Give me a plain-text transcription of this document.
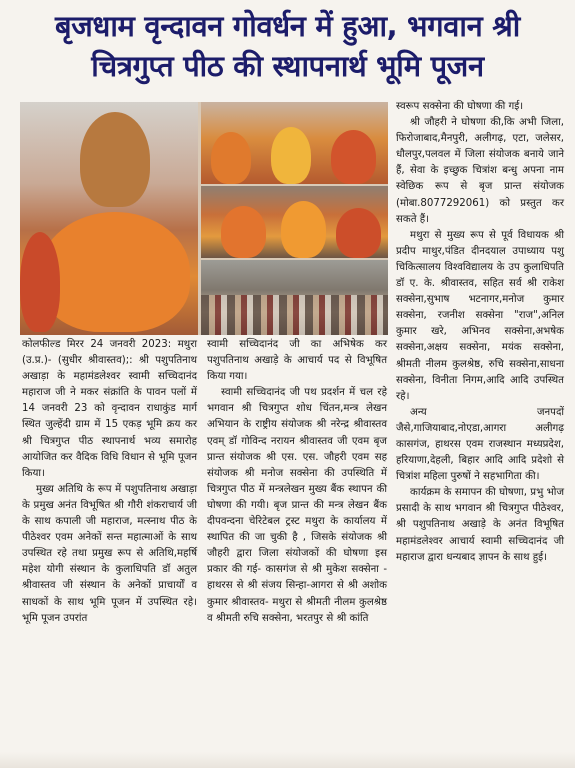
बृजधाम वृन्दावन गोवर्धन में हुआ, भगवान श्री
चित्रगुप्त पीठ की स्थापनार्थ भूमि पूजन

कोलफील्ड मिरर 24 जनवरी 2023: मथुरा (उ.प्र.)- (सुधीर श्रीवास्तव);: श्री पशुपतिनाथ अखाड़ा के महामंडलेश्वर स्वामी सच्चिदानंद महाराज जी ने मकर संक्रांति के पावन पलों में 14 जनवरी 23 को वृन्दावन राधाकुंड मार्ग स्थित जुल्हेंदी ग्राम में 15 एकड़ भूमि क्रय कर श्री चित्रगुप्त पीठ स्थापनार्थ भव्य समारोह आयोजित कर वैदिक विधि विधान से भूमि पूजन किया।

मुख्य अतिथि के रूप में पशुपतिनाथ अखाड़ा के प्रमुख अनंत विभूषित श्री गौरी शंकराचार्य जी के साथ कपाली जी महाराज, मत्स्नाथ पीठ के पीठेश्वर एवम अनेकों सन्त महात्माओं के साथ उपस्थित रहे तथा प्रमुख रूप से अतिथि,महर्षि महेश योगी संस्थान के कुलाधिपति डॉ अतुल श्रीवास्तव जी संस्थान के अनेकों प्राचार्यों व साधकों के साथ भूमि पूजन में उपस्थित रहे। भूमि पूजन उपरांत

स्वामी सच्चिदानंद जी का अभिषेक कर पशुपतिनाथ अखाड़े के आचार्य पद से विभूषित किया गया।

स्वामी सच्चिदानंद जी पथ प्रदर्शन में चल रहे भगवान श्री चित्रगुप्त शोध चिंतन,मन्त्र लेखन अभियान के राष्ट्रीय संयोजक श्री नरेन्द्र श्रीवास्तव एवम् डॉ गोविन्द नरायन श्रीवास्तव जी एवम बृज प्रान्त संयोजक श्री एस. एस. जौहरी एवम सह संयोजक श्री मनोज सक्सेना की उपस्थिति में चित्रगुप्त पीठ में मन्त्रलेखन मुख्य बैंक स्थापन की घोषणा की गयी। बृज प्रान्त की मन्त्र लेखन बैंक दीपवन्दना चेरिटेबल ट्रस्ट मथुरा के कार्यालय में स्थापित की जा चुकी है , जिसके संयोजक श्री जौहरी द्वारा जिला संयोजकों की घोषणा इस प्रकार की गई- कासगंज से श्री मुकेश सक्सेना - हाथरस से श्री संजय सिन्हा-आगरा से श्री अशोक कुमार श्रीवास्तव- मथुरा से श्रीमती नीलम कुलश्रेष्ठ व श्रीमती रुचि सक्सेना, भरतपुर से श्री कांति

स्वरूप सक्सेना की घोषणा की गई।

श्री जौहरी ने घोषणा की,कि अभी जिला, फिरोजाबाद,मैनपुरी, अलीगढ़, एटा, जलेसर, धौलपुर,पलवल में जिला संयोजक बनाये जाने हैं, सेवा के इच्छुक चित्रांश बन्धु अपना नाम स्वेछिक रूप से बृज प्रान्त संयोजक (मोबा.8077292061) को प्रस्तुत कर सकते हैं।

मथुरा से मुख्य रूप से पूर्व विधायक श्री प्रदीप माथुर,पंडित दीनदयाल उपाध्याय पशु चिकित्सालय विश्वविद्यालय के उप कुलाधिपति डॉ ए. के. श्रीवास्तव, सहित सर्व श्री राकेश सक्सेना,सुभाष भटनागर,मनोज कुमार सक्सेना, रजनीश सक्सेना "राज",अनिल कुमार खरे, अभिनव सक्सेना,अभषेक सक्सेना,अक्षय सक्सेना, मयंक सक्सेना, श्रीमती नीलम कुलश्रेष्ठ, रुचि सक्सेना,साधना सक्सेना, विनीता निगम,आदि आदि उपस्थित रहे।

अन्य जनपदों जैसे,गाजियाबाद,नोएडा,आगरा अलीगढ़ कासगंज, हाथरस एवम राजस्थान मध्यप्रदेश, हरियाणा,देहली, बिहार आदि आदि प्रदेशो से चित्रांश महिला पुरुषों ने सहभागिता की।

कार्यक्रम के समापन की घोषणा, प्रभु भोज प्रसादी के साथ भगवान श्री चित्रगुप्त पीठेश्वर, श्री पशुपतिनाथ अखाड़े के अनंत विभूषित महामंडलेश्वर आचार्य स्वामी सच्चिदानंद जी महाराज द्वारा धन्यबाद ज्ञापन के साथ हुई।
